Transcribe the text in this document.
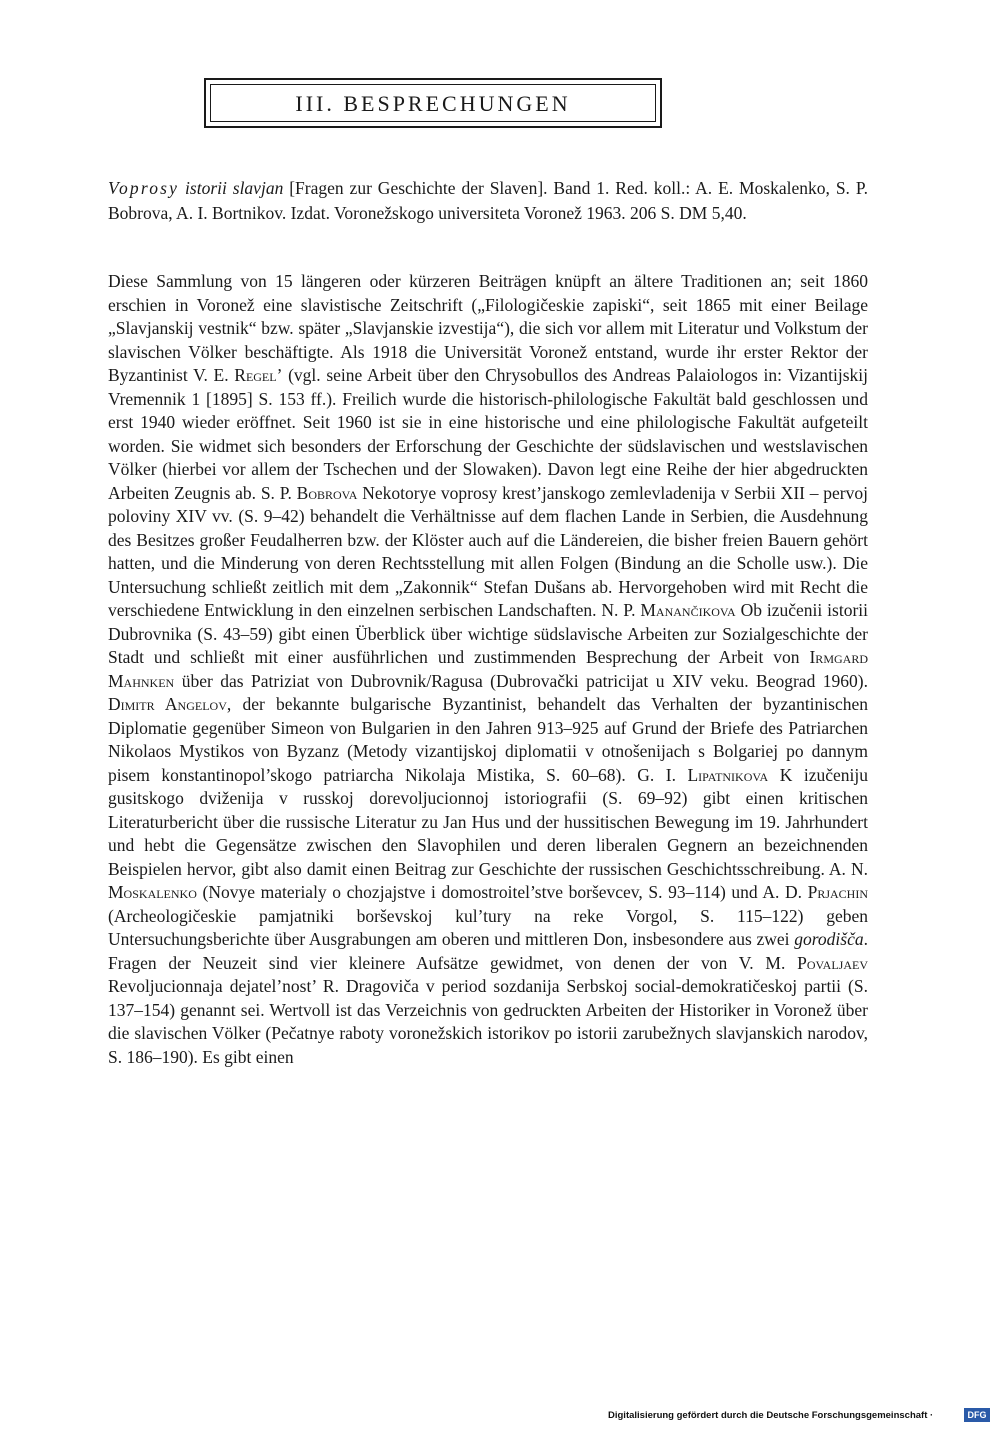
III. BESPRECHUNGEN
Voprosy istorii slavjan [Fragen zur Geschichte der Slaven]. Band 1. Red. koll.: A. E. Moskalenko, S. P. Bobrova, A. I. Bortnikov. Izdat. Voronežskogo universiteta Voronež 1963. 206 S. DM 5,40.

Diese Sammlung von 15 längeren oder kürzeren Beiträgen knüpft an ältere Traditionen an; seit 1860 erschien in Voronež eine slavistische Zeitschrift („Filologičeskie zapiski“, seit 1865 mit einer Beilage „Slavjanskij vestnik“ bzw. später „Slavjanskie izvestija“), die sich vor allem mit Literatur und Volkstum der slavischen Völker beschäftigte. Als 1918 die Universität Voronež entstand, wurde ihr erster Rektor der Byzantinist V. E. Regel’ (vgl. seine Arbeit über den Chrysobullos des Andreas Palaiologos in: Vizantijskij Vremennik 1 [1895] S. 153 ff.). Freilich wurde die historisch-philologische Fakultät bald geschlossen und erst 1940 wieder eröffnet. Seit 1960 ist sie in eine historische und eine philologische Fakultät aufgeteilt worden. Sie widmet sich besonders der Erforschung der Geschichte der südslavischen und westslavischen Völker (hierbei vor allem der Tschechen und der Slowaken). Davon legt eine Reihe der hier abgedruckten Arbeiten Zeugnis ab. S. P. Bobrova Nekotorye voprosy krest’janskogo zemlevladenija v Serbii XII – pervoj poloviny XIV vv. (S. 9–42) behandelt die Verhältnisse auf dem flachen Lande in Serbien, die Ausdehnung des Besitzes großer Feudalherren bzw. der Klöster auch auf die Ländereien, die bisher freien Bauern gehört hatten, und die Minderung von deren Rechtsstellung mit allen Folgen (Bindung an die Scholle usw.). Die Untersuchung schließt zeitlich mit dem „Zakonnik“ Stefan Dušans ab. Hervorgehoben wird mit Recht die verschiedene Entwicklung in den einzelnen serbischen Landschaften. N. P. Manančikova Ob izučenii istorii Dubrovnika (S. 43–59) gibt einen Überblick über wichtige südslavische Arbeiten zur Sozialgeschichte der Stadt und schließt mit einer ausführlichen und zustimmenden Besprechung der Arbeit von Irmgard Mahnken über das Patriziat von Dubrovnik/Ragusa (Dubrovački patricijat u XIV veku. Beograd 1960). Dimitr Angelov, der bekannte bulgarische Byzantinist, behandelt das Verhalten der byzantinischen Diplomatie gegenüber Simeon von Bulgarien in den Jahren 913–925 auf Grund der Briefe des Patriarchen Nikolaos Mystikos von Byzanz (Metody vizantijskoj diplomatii v otnošenijach s Bolgariej po dannym pisem konstantinopol’skogo patriarcha Nikolaja Mistika, S. 60–68). G. I. Lipatnikova K izučeniju gusitskogo dviženija v russkoj dorevoljucionnoj istoriografii (S. 69–92) gibt einen kritischen Literaturbericht über die russische Literatur zu Jan Hus und der hussitischen Bewegung im 19. Jahrhundert und hebt die Gegensätze zwischen den Slavophilen und deren liberalen Gegnern an bezeichnenden Beispielen hervor, gibt also damit einen Beitrag zur Geschichte der russischen Geschichtsschreibung. A. N. Moskalenko (Novye materialy o chozjajstve i domostroitel’stve borševcev, S. 93–114) und A. D. Prjachin (Archeologičeskie pamjatniki borševskoj kul’tury na reke Vorgol, S. 115–122) geben Untersuchungsberichte über Ausgrabungen am oberen und mittleren Don, insbesondere aus zwei gorodišča. Fragen der Neuzeit sind vier kleinere Aufsätze gewidmet, von denen der von V. M. Povaljaev Revoljucionnaja dejatel’nost’ R. Dragoviča v period sozdanija Serbskoj social-demokratičeskoj partii (S. 137–154) genannt sei. Wertvoll ist das Verzeichnis von gedruckten Arbeiten der Historiker in Voronež über die slavischen Völker (Pečatnye raboty voronežskich istorikov po istorii zarubežnych slavjanskich narodov, S. 186–190). Es gibt einen

Digitalisierung gefördert durch die Deutsche Forschungsgemeinschaft ·	DFG
